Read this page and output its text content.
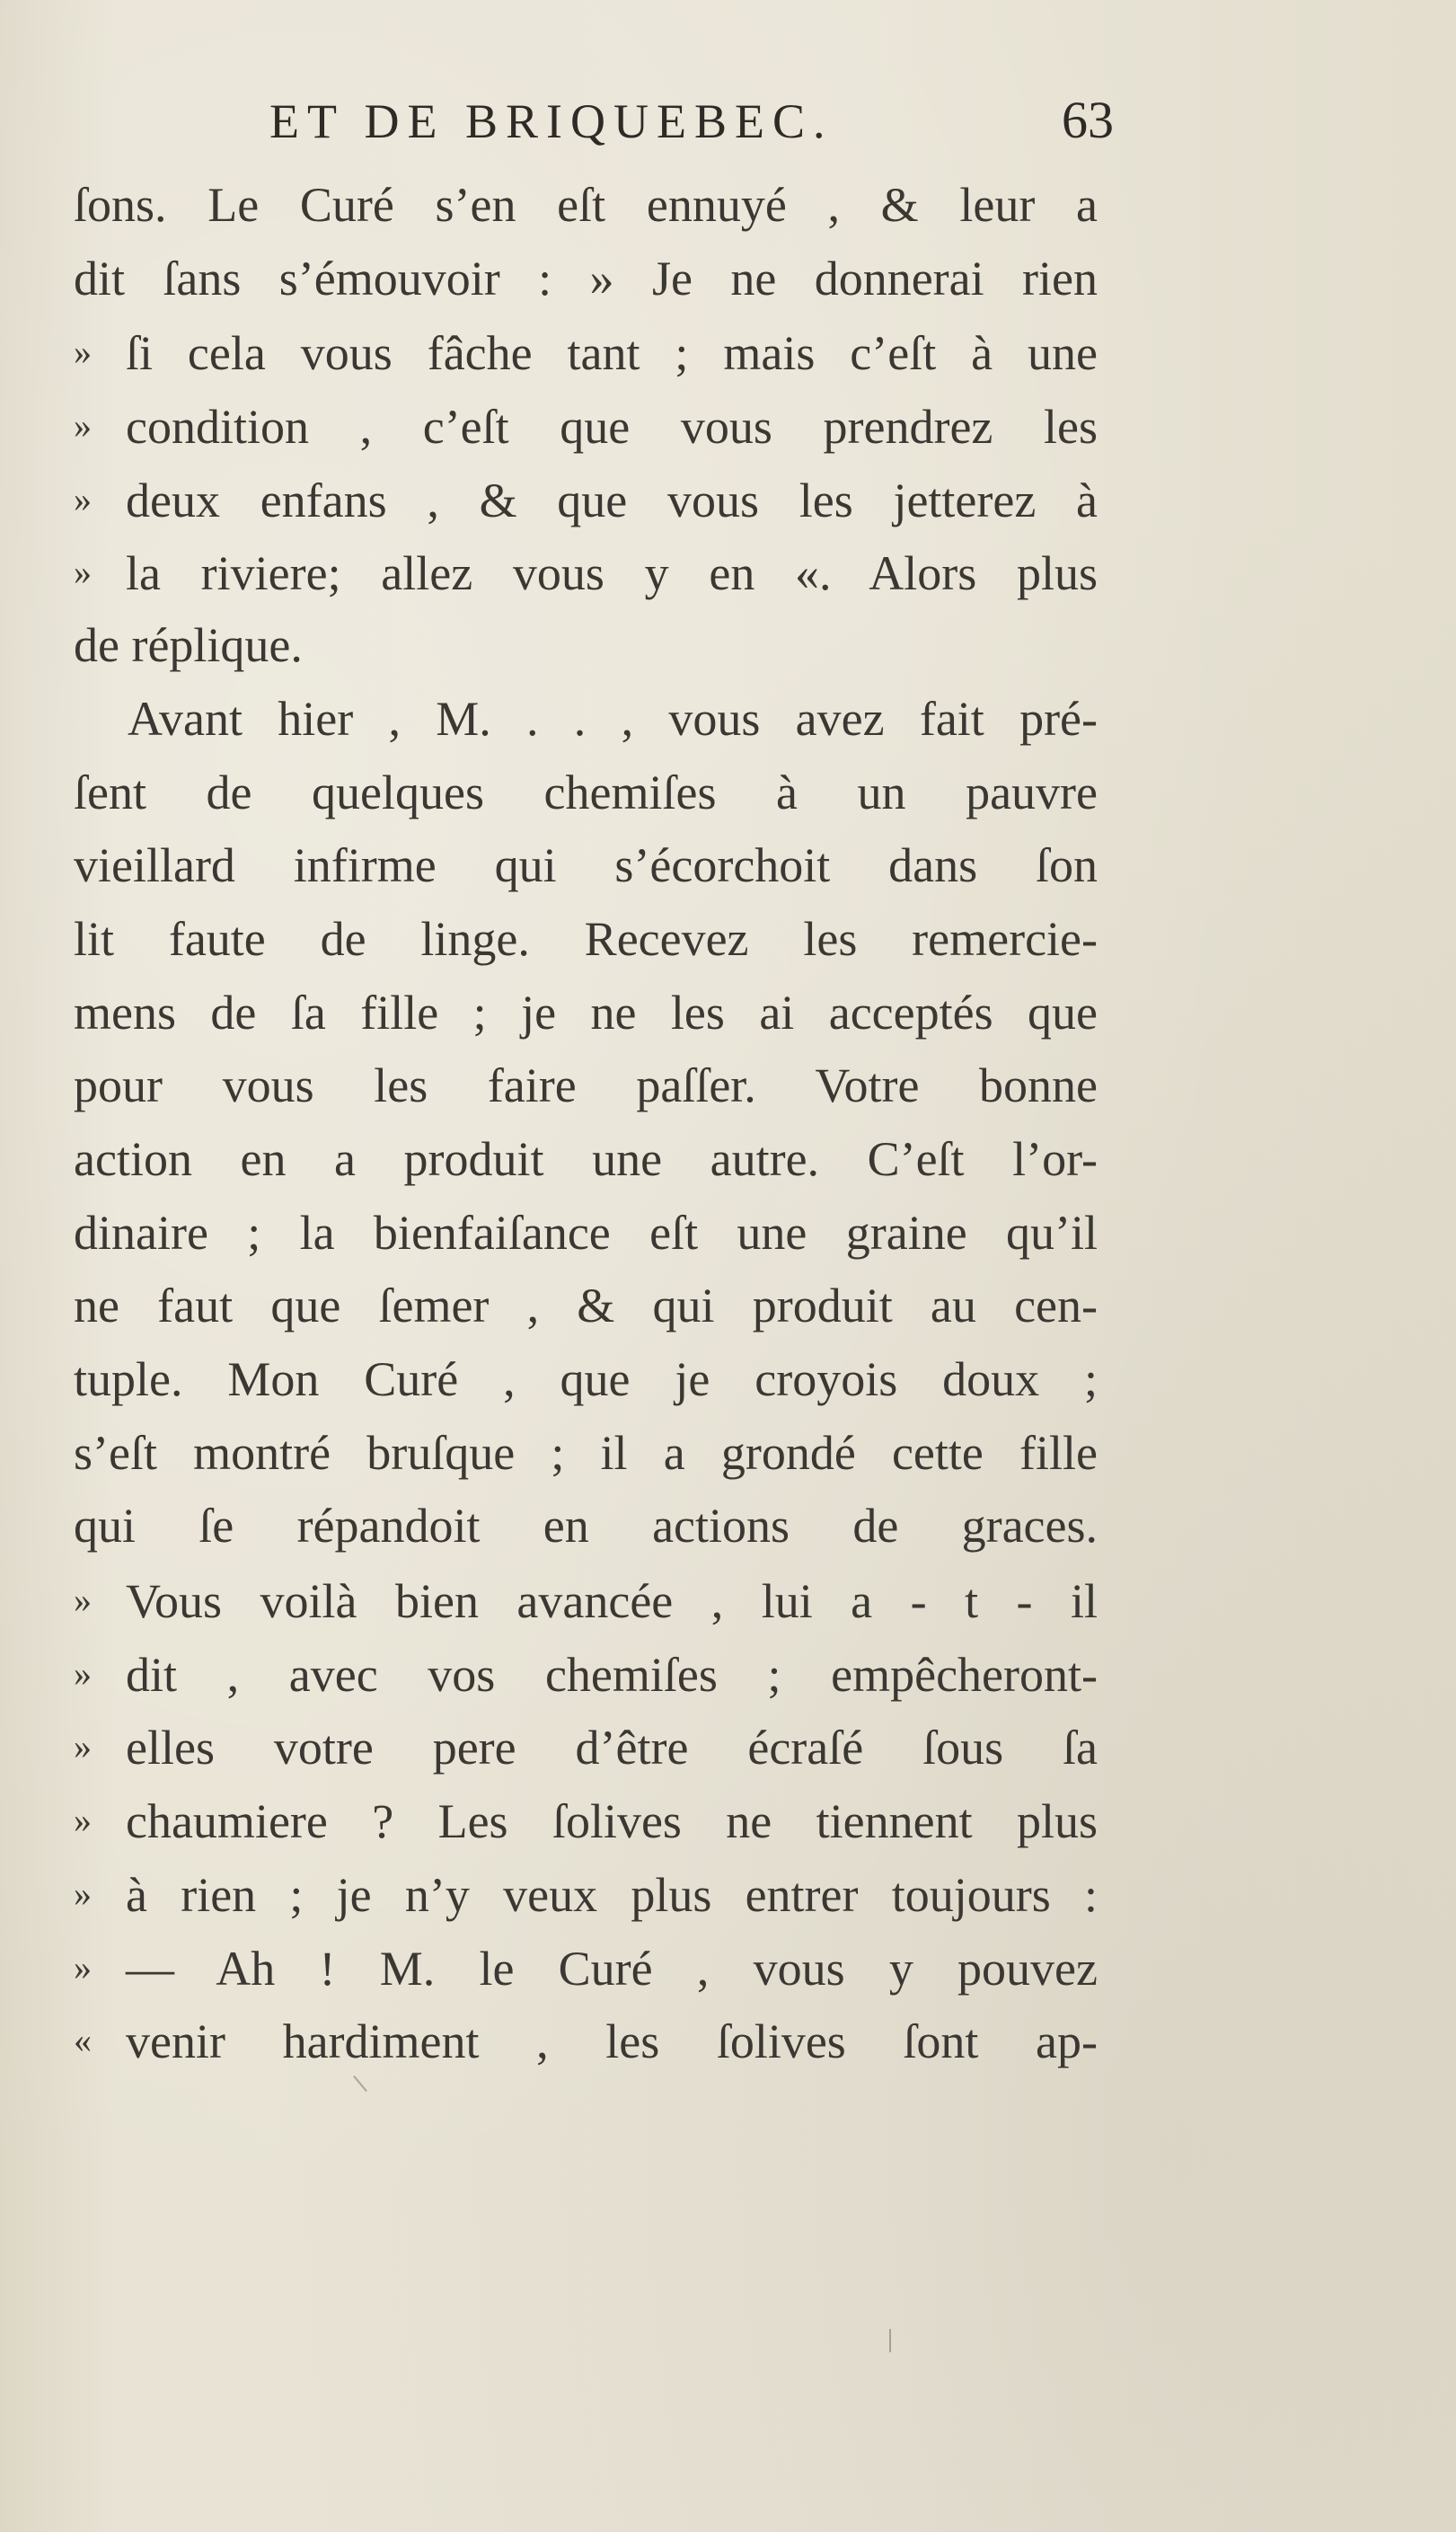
ET DE BRIQUEBEC.	63
ſons. Le Curé s’en eſt ennuyé , & leur a
dit ſans s’émouvoir : » Je ne donnerai rien
» ſi cela vous fâche tant ; mais c’eſt à une
» condition , c’eſt que vous prendrez les
» deux enfans , & que vous les jetterez à
» la riviere; allez vous y en «. Alors plus
de réplique.
Avant hier , M. . . , vous avez fait pré-
ſent de quelques chemiſes à un pauvre
vieillard infirme qui s’écorchoit dans ſon
lit faute de linge. Recevez les remercie-
mens de ſa fille ; je ne les ai acceptés que
pour vous les faire paſſer. Votre bonne
action en a produit une autre. C’eſt l’or-
dinaire ; la bienfaiſance eſt une graine qu’il
ne faut que ſemer , & qui produit au cen-
tuple. Mon Curé , que je croyois doux ;
s’eſt montré bruſque ; il a grondé cette fille
qui ſe répandoit en actions de graces.
» Vous voilà bien avancée , lui a - t - il
» dit , avec vos chemiſes ; empêcheront-
» elles votre pere d’être écraſé ſous ſa
» chaumiere ? Les ſolives ne tiennent plus
» à rien ; je n’y veux plus entrer toujours :
» — Ah ! M. le Curé , vous y pouvez
« venir hardiment , les ſolives ſont ap-
